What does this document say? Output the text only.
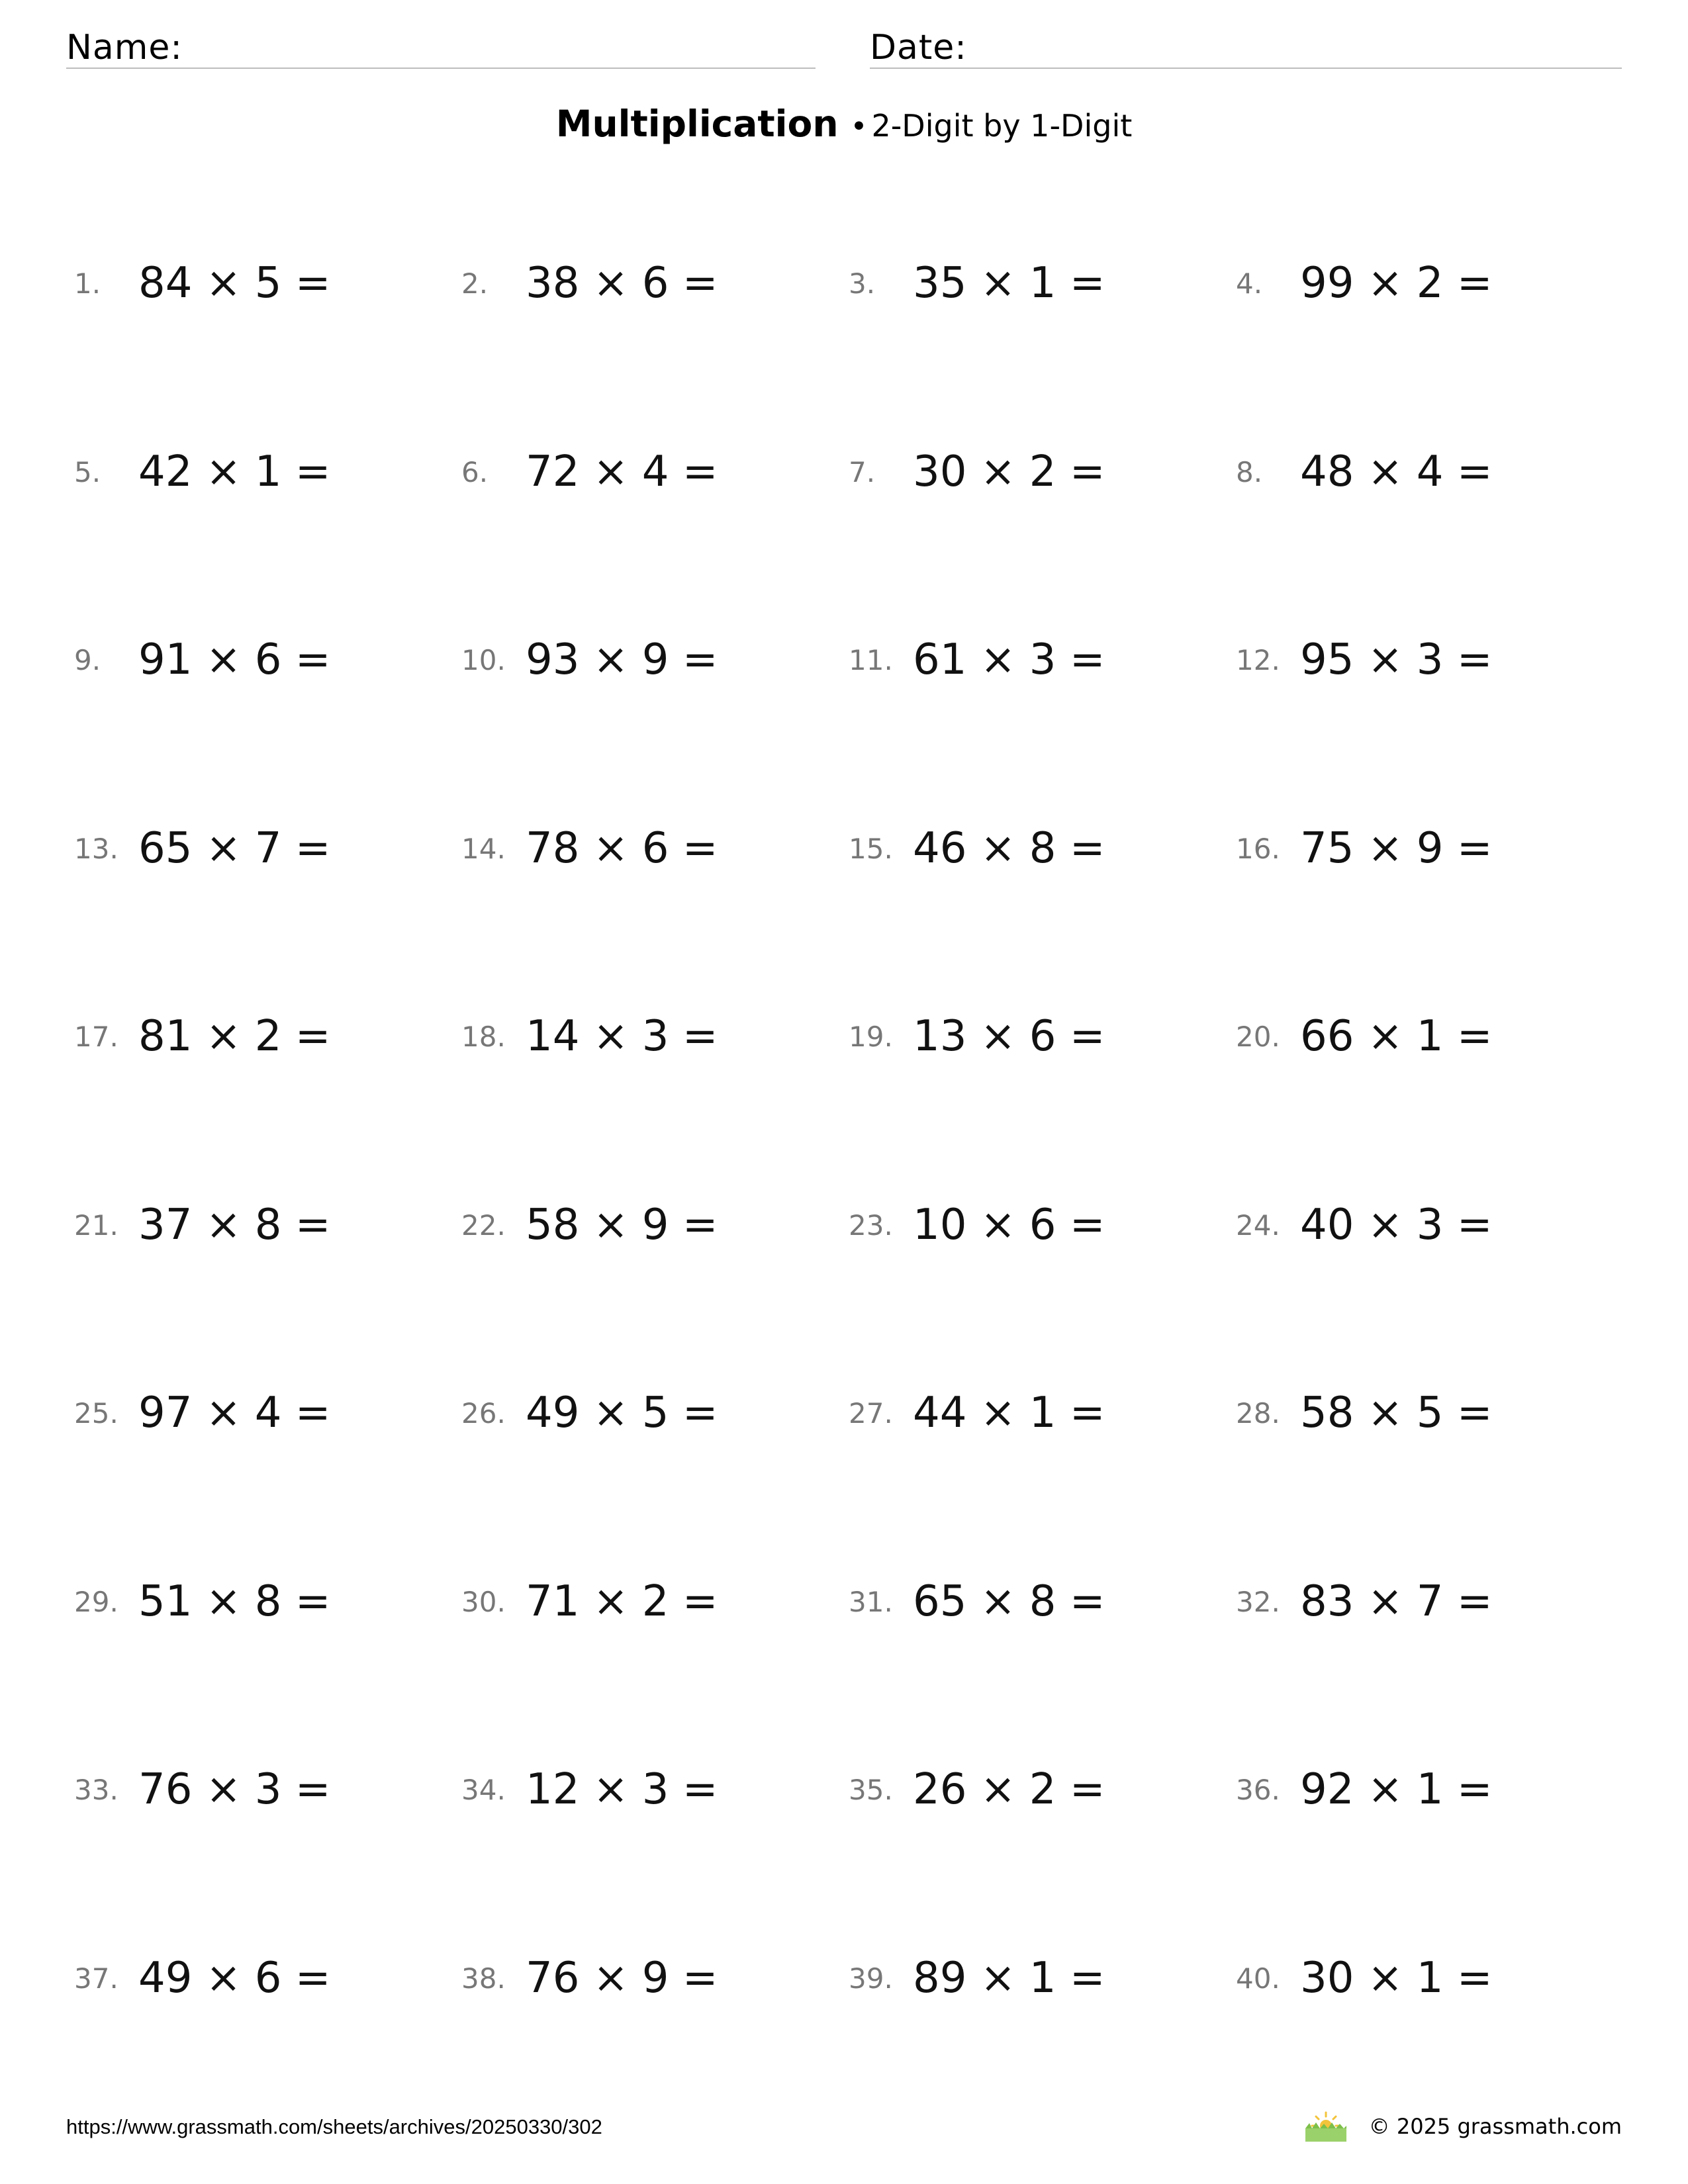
Name:	Date:
Multiplication • 2-Digit by 1-Digit
1. 84 × 5 =	2. 38 × 6 =	3. 35 × 1 =	4. 99 × 2 =
5. 42 × 1 =	6. 72 × 4 =	7. 30 × 2 =	8. 48 × 4 =
9. 91 × 6 =	10. 93 × 9 =	11. 61 × 3 =	12. 95 × 3 =
13. 65 × 7 =	14. 78 × 6 =	15. 46 × 8 =	16. 75 × 9 =
17. 81 × 2 =	18. 14 × 3 =	19. 13 × 6 =	20. 66 × 1 =
21. 37 × 8 =	22. 58 × 9 =	23. 10 × 6 =	24. 40 × 3 =
25. 97 × 4 =	26. 49 × 5 =	27. 44 × 1 =	28. 58 × 5 =
29. 51 × 8 =	30. 71 × 2 =	31. 65 × 8 =	32. 83 × 7 =
33. 76 × 3 =	34. 12 × 3 =	35. 26 × 2 =	36. 92 × 1 =
37. 49 × 6 =	38. 76 × 9 =	39. 89 × 1 =	40. 30 × 1 =
https://www.grassmath.com/sheets/archives/20250330/302	© 2025 grassmath.com
